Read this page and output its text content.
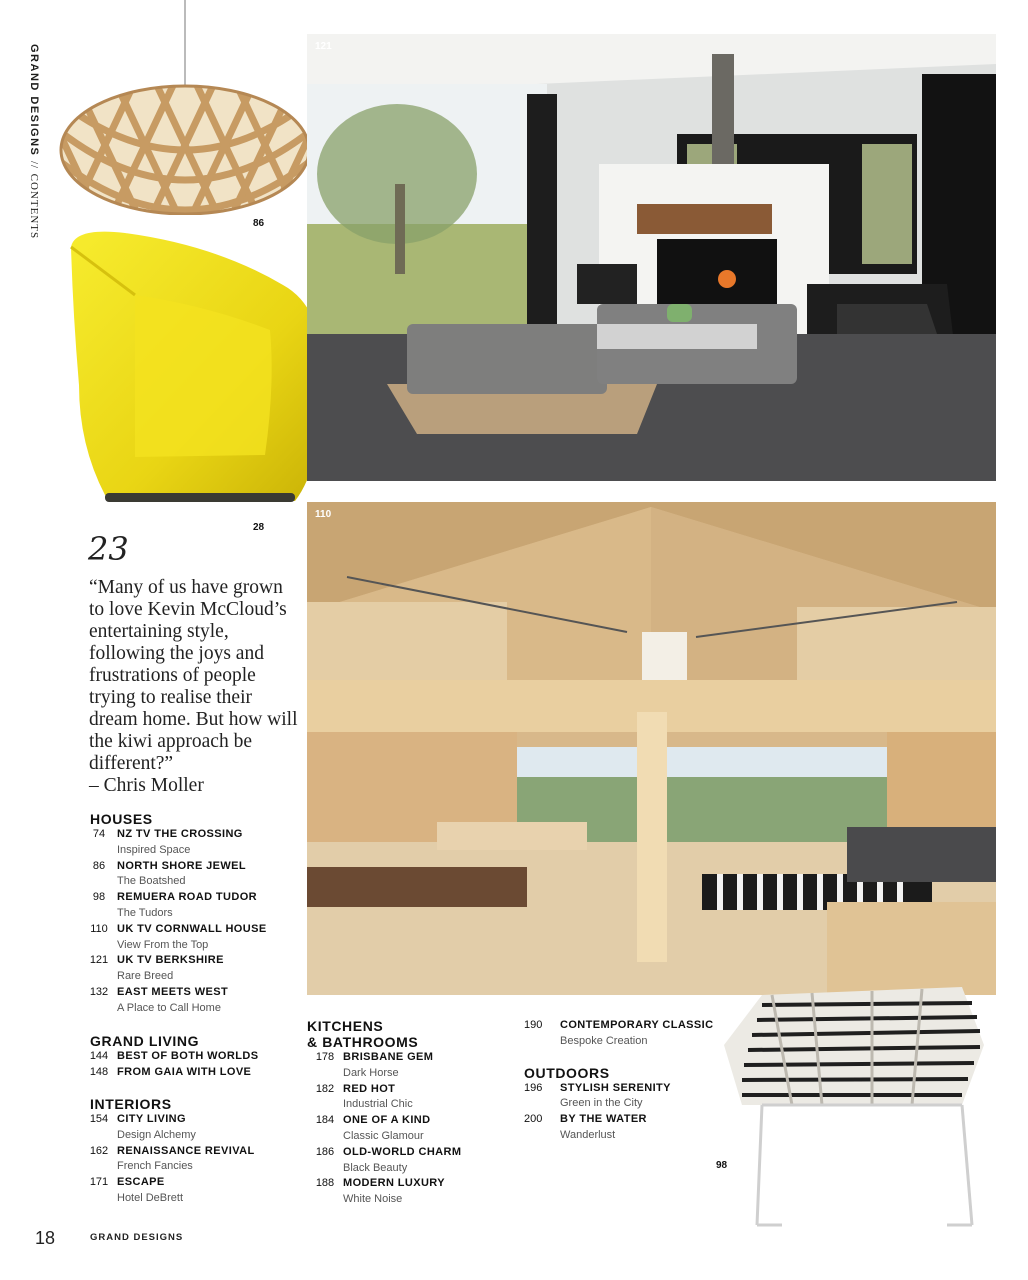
GRAND DESIGNS // CONTENTS	86
28
121
110
98
23
“Many of us have grown to love Kevin McCloud’s entertaining style, following the joys and frustrations of people trying to realise their dream home. But how will the kiwi approach be different?”
– Chris Moller
HOUSES
74 NZ TV THE CROSSING
Inspired Space
86 NORTH SHORE JEWEL
The Boatshed
98 REMUERA ROAD TUDOR
The Tudors
110 UK TV CORNWALL HOUSE
View From the Top
121 UK TV BERKSHIRE
Rare Breed
132 EAST MEETS WEST
A Place to Call Home
GRAND LIVING
144 BEST OF BOTH WORLDS
148 FROM GAIA WITH LOVE
INTERIORS
154 CITY LIVING
Design Alchemy
162 RENAISSANCE REVIVAL
French Fancies
171 ESCAPE
Hotel DeBrett
KITCHENS
& BATHROOMS
178 BRISBANE GEM
Dark Horse
182 RED HOT
Industrial Chic
184 ONE OF A KIND
Classic Glamour
186 OLD-WORLD CHARM
Black Beauty
188 MODERN LUXURY
White Noise
190 CONTEMPORARY CLASSIC
Bespoke Creation
OUTDOORS
196 STYLISH SERENITY
Green in the City
200 BY THE WATER
Wanderlust
18	GRAND DESIGNS
